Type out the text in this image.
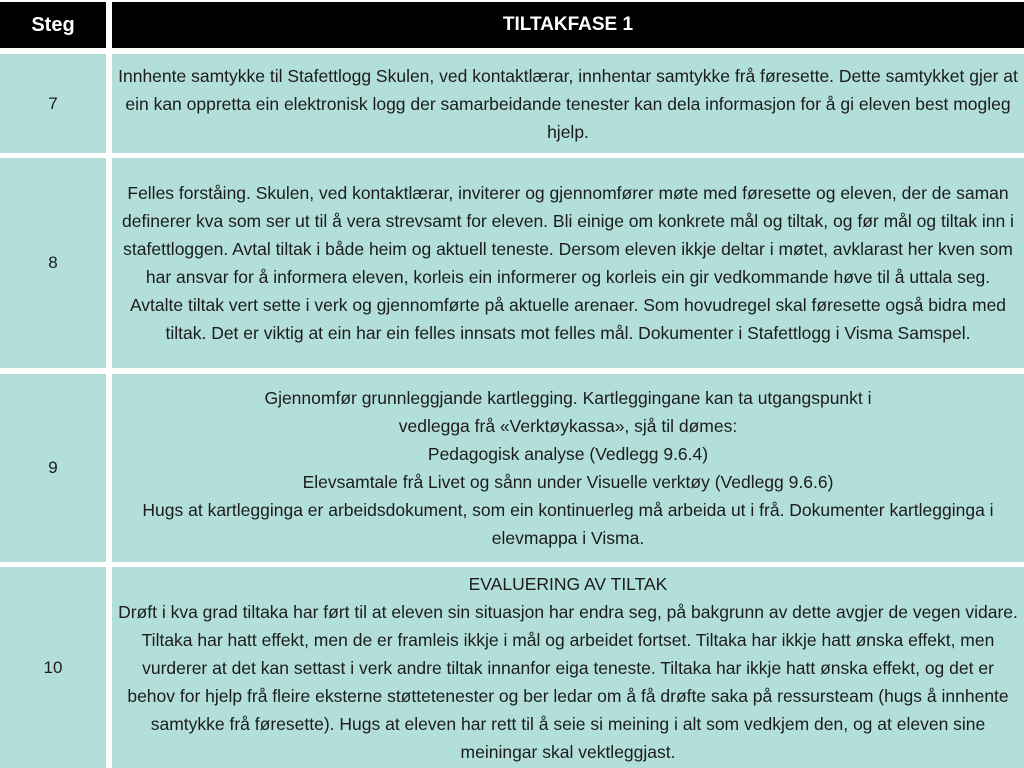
Steg	TILTAKFASE 1
7
Innhente samtykke til Stafettlogg Skulen, ved kontaktlærar, innhentar samtykke frå føresette. Dette samtykket gjer at ein kan oppretta ein elektronisk logg der samarbeidande tenester kan dela informasjon for å gi eleven best mogleg hjelp.
8
Felles forståing. Skulen, ved kontaktlærar, inviterer og gjennomfører møte med føresette og eleven, der de saman definerer kva som ser ut til å vera strevsamt for eleven. Bli einige om konkrete mål og tiltak, og før mål og tiltak inn i stafettloggen. Avtal tiltak i både heim og aktuell teneste. Dersom eleven ikkje deltar i møtet, avklarast her kven som har ansvar for å informera eleven, korleis ein informerer og korleis ein gir vedkommande høve til å uttala seg. Avtalte tiltak vert sette i verk og gjennomførte på aktuelle arenaer. Som hovudregel skal føresette også bidra med tiltak. Det er viktig at ein har ein felles innsats mot felles mål. Dokumenter i Stafettlogg i Visma Samspel.
9
Gjennomfør grunnleggjande kartlegging. Kartleggingane kan ta utgangspunkt i
vedlegga frå «Verktøykassa», sjå til dømes:
Pedagogisk analyse (Vedlegg 9.6.4)
Elevsamtale frå Livet og sånn under Visuelle verktøy (Vedlegg 9.6.6)
Hugs at kartlegginga er arbeidsdokument, som ein kontinuerleg må arbeida ut i frå. Dokumenter kartlegginga i elevmappa i Visma.
10
EVALUERING AV TILTAK
Drøft i kva grad tiltaka har ført til at eleven sin situasjon har endra seg, på bakgrunn av dette avgjer de vegen vidare. Tiltaka har hatt effekt, men de er framleis ikkje i mål og arbeidet fortset. Tiltaka har ikkje hatt ønska effekt, men vurderer at det kan settast i verk andre tiltak innanfor eiga teneste. Tiltaka har ikkje hatt ønska effekt, og det er behov for hjelp frå fleire eksterne støttetenester og ber ledar om å få drøfte saka på ressursteam (hugs å innhente samtykke frå føresette). Hugs at eleven har rett til å seie si meining i alt som vedkjem den, og at eleven sine meiningar skal vektleggjast.
